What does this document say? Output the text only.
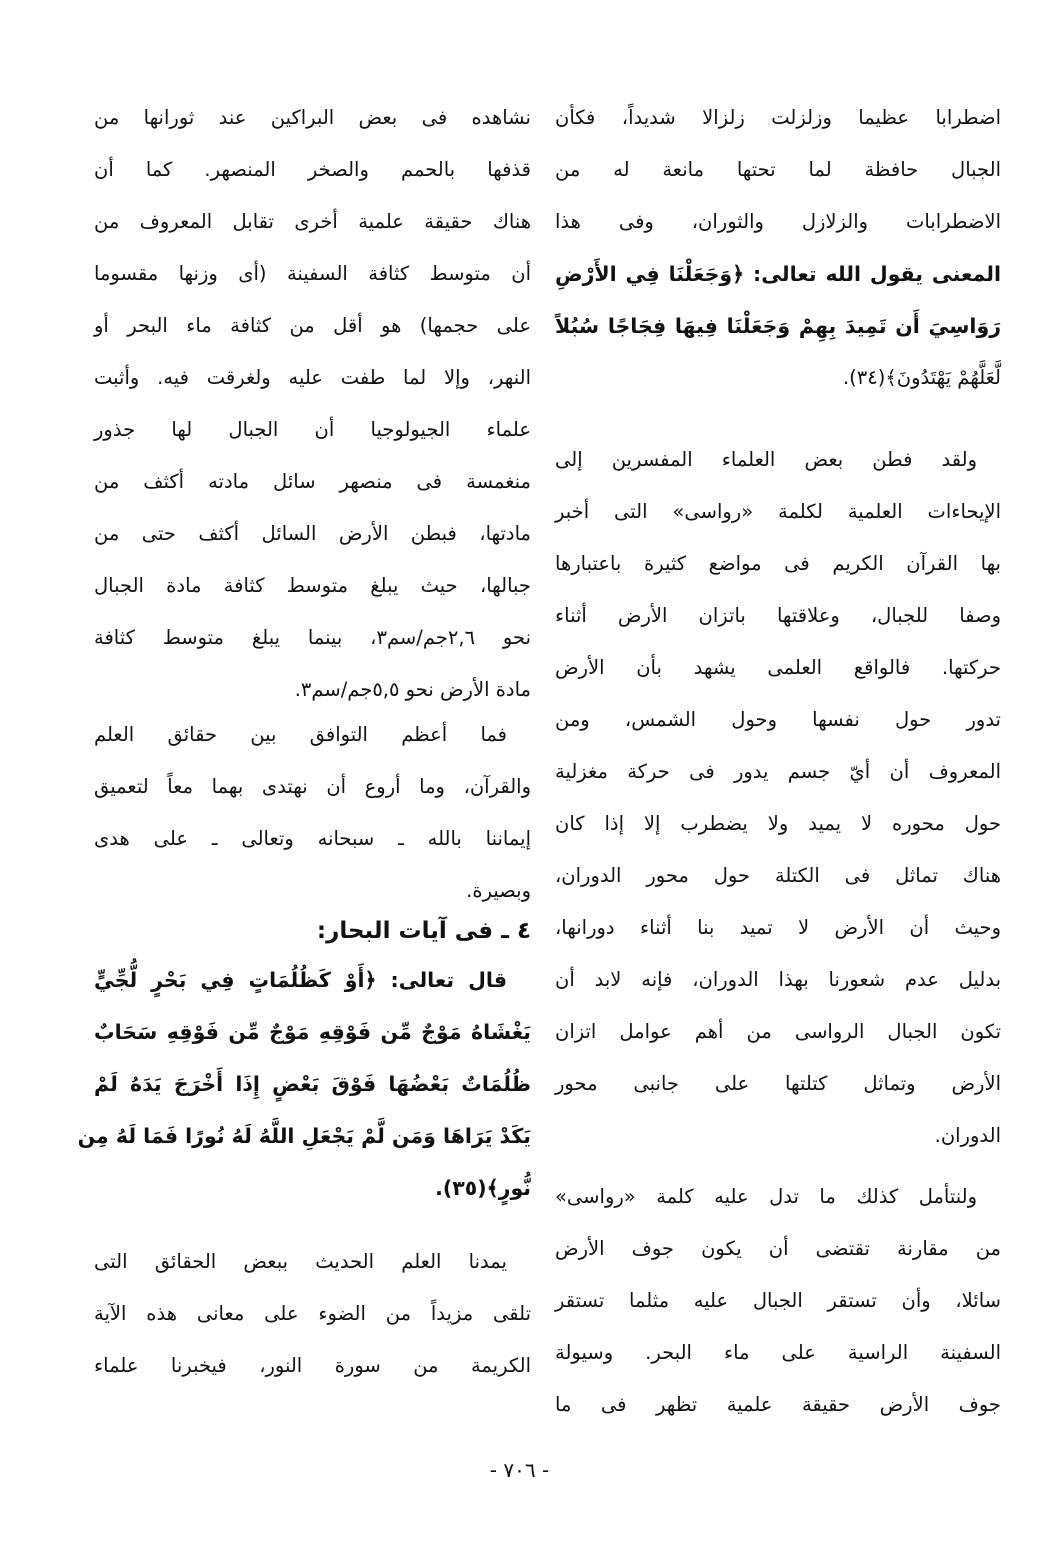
اضطرابا عظيما وزلزلت زلزالا شديداً، فكأن
الجبال حافظة لما تحتها مانعة له من
الاضطرابات والزلازل والثوران، وفى هذا
المعنى يقول الله تعالى: ﴿وَجَعَلْنَا فِي الأَرْضِ
رَوَاسِيَ أَن تَمِيدَ بِهِمْ وَجَعَلْنَا فِيهَا فِجَاجًا سُبُلاً
لَّعَلَّهُمْ يَهْتَدُونَ﴾(٣٤).
ولقد فطن بعض العلماء المفسرين إلى
الإيحاءات العلمية لكلمة «رواسى» التى أخبر
بها القرآن الكريم فى مواضع كثيرة باعتبارها
وصفا للجبال، وعلاقتها باتزان الأرض أثناء
حركتها. فالواقع العلمى يشهد بأن الأرض
تدور حول نفسها وحول الشمس، ومن
المعروف أن أيّ جسم يدور فى حركة مغزلية
حول محوره لا يميد ولا يضطرب إلا إذا كان
هناك تماثل فى الكتلة حول محور الدوران،
وحيث أن الأرض لا تميد بنا أثناء دورانها،
بدليل عدم شعورنا بهذا الدوران، فإنه لابد أن
تكون الجبال الرواسى من أهم عوامل اتزان
الأرض وتماثل كتلتها على جانبى محور
الدوران.
ولنتأمل كذلك ما تدل عليه كلمة «رواسى»
من مقارنة تقتضى أن يكون جوف الأرض
سائلا، وأن تستقر الجبال عليه مثلما تستقر
السفينة الراسية على ماء البحر. وسيولة
جوف الأرض حقيقة علمية تظهر فى ما
نشاهده فى بعض البراكين عند ثورانها من
قذفها بالحمم والصخر المنصهر. كما أن
هناك حقيقة علمية أخرى تقابل المعروف من
أن متوسط كثافة السفينة (أى وزنها مقسوما
على حجمها) هو أقل من كثافة ماء البحر أو
النهر، وإلا لما طفت عليه ولغرقت فيه. وأثبت
علماء الجيولوجيا أن الجبال لها جذور
منغمسة فى منصهر سائل مادته أكثف من
مادتها، فبطن الأرض السائل أكثف حتى من
جبالها، حيث يبلغ متوسط كثافة مادة الجبال
نحو ٢,٦جم/سم٣، بينما يبلغ متوسط كثافة
مادة الأرض نحو ٥,٥جم/سم٣.
فما أعظم التوافق بين حقائق العلم
والقرآن، وما أروع أن نهتدى بهما معاً لتعميق
إيماننا بالله ـ سبحانه وتعالى ـ على هدى
وبصيرة.
٤ ـ فى آيات البحار:
قال تعالى: ﴿أَوْ كَظُلُمَاتٍ فِي بَحْرٍ لُّجِّيٍّ
يَغْشَاهُ مَوْجٌ مِّن فَوْقِهِ مَوْجٌ مِّن فَوْقِهِ سَحَابٌ
ظُلُمَاتٌ بَعْضُهَا فَوْقَ بَعْضٍ إِذَا أَخْرَجَ يَدَهُ لَمْ
يَكَدْ يَرَاهَا وَمَن لَّمْ يَجْعَلِ اللَّهُ لَهُ نُورًا فَمَا لَهُ مِن
نُّورٍ﴾(٣٥).
يمدنا العلم الحديث ببعض الحقائق التى
تلقى مزيداً من الضوء على معانى هذه الآية
الكريمة من سورة النور، فيخبرنا علماء
- ٧٠٦ -
